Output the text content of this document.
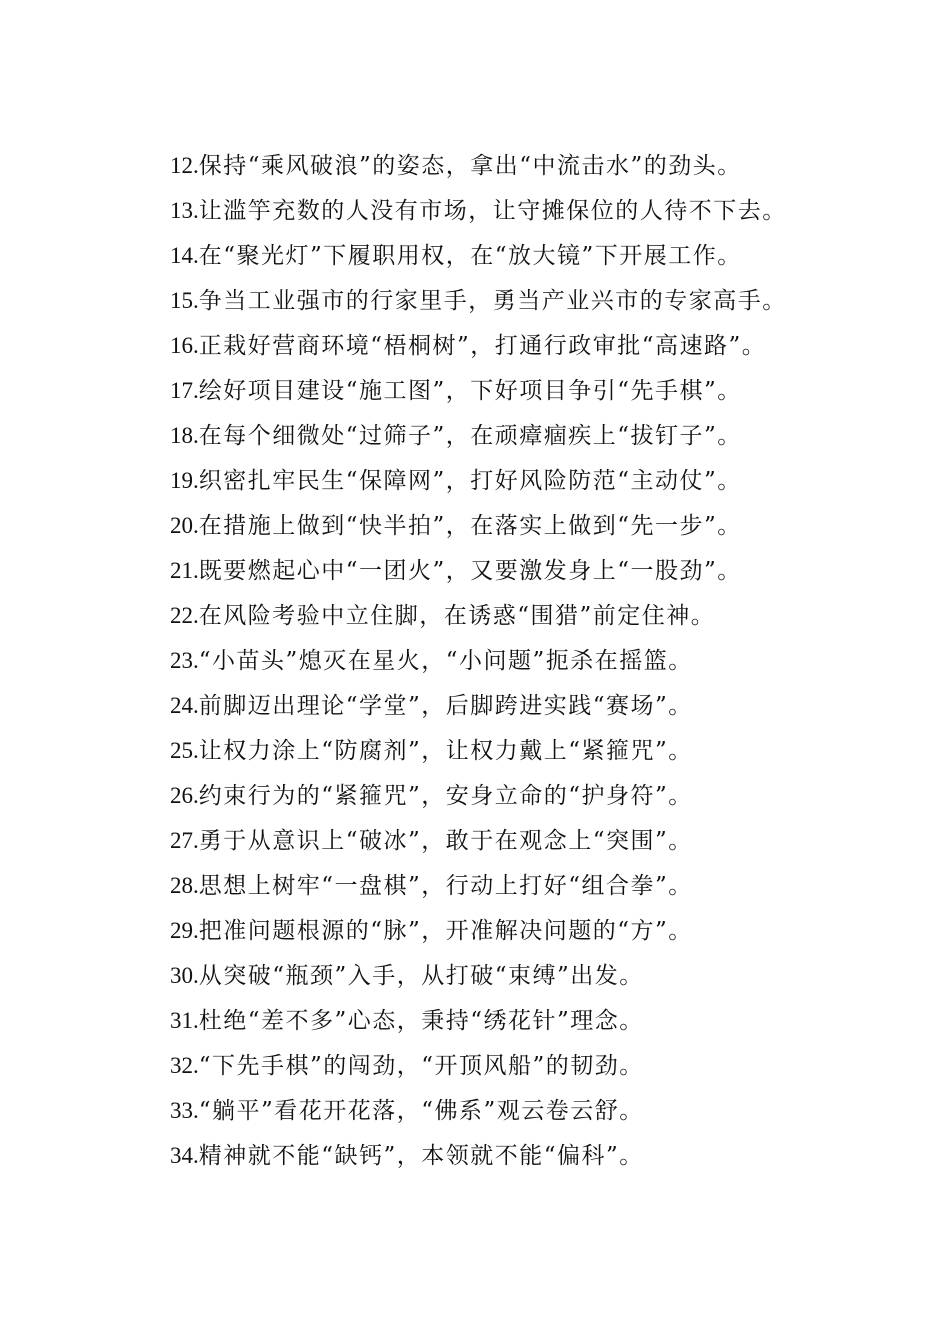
12.保持“乘风破浪”的姿态，拿出“中流击水”的劲头。
13.让滥竽充数的人没有市场，让守摊保位的人待不下去。
14.在“聚光灯”下履职用权，在“放大镜”下开展工作。
15.争当工业强市的行家里手，勇当产业兴市的专家高手。
16.正栽好营商环境“梧桐树”，打通行政审批“高速路”。
17.绘好项目建设“施工图”，下好项目争引“先手棋”。
18.在每个细微处“过筛子”，在顽瘴痼疾上“拔钉子”。
19.织密扎牢民生“保障网”，打好风险防范“主动仗”。
20.在措施上做到“快半拍”，在落实上做到“先一步”。
21.既要燃起心中“一团火”，又要激发身上“一股劲”。
22.在风险考验中立住脚，在诱惑“围猎”前定住神。
23.“小苗头”熄灭在星火，“小问题”扼杀在摇篮。
24.前脚迈出理论“学堂”，后脚跨进实践“赛场”。
25.让权力涂上“防腐剂”，让权力戴上“紧箍咒”。
26.约束行为的“紧箍咒”，安身立命的“护身符”。
27.勇于从意识上“破冰”，敢于在观念上“突围”。
28.思想上树牢“一盘棋”，行动上打好“组合拳”。
29.把准问题根源的“脉”，开准解决问题的“方”。
30.从突破“瓶颈”入手，从打破“束缚”出发。
31.杜绝“差不多”心态，秉持“绣花针”理念。
32.“下先手棋”的闯劲，“开顶风船”的韧劲。
33.“躺平”看花开花落，“佛系”观云卷云舒。
34.精神就不能“缺钙”，本领就不能“偏科”。
